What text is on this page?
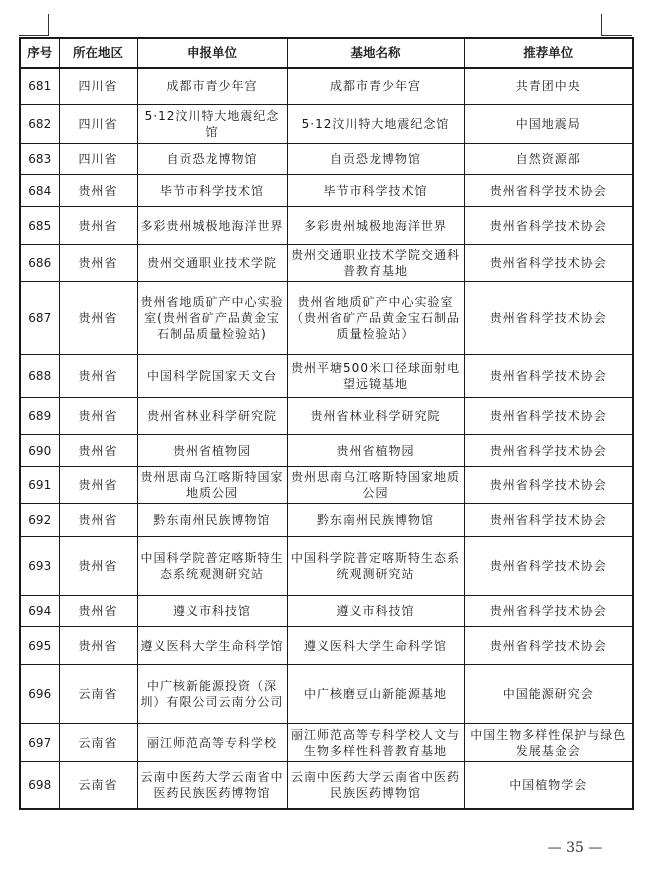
序号	所在地区	申报单位	基地名称	推荐单位
681	四川省	成都市青少年宫	成都市青少年宫	共青团中央
682	四川省	5·12汶川特大地震纪念馆	5·12汶川特大地震纪念馆	中国地震局
683	四川省	自贡恐龙博物馆	自贡恐龙博物馆	自然资源部
684	贵州省	毕节市科学技术馆	毕节市科学技术馆	贵州省科学技术协会
685	贵州省	多彩贵州城极地海洋世界	多彩贵州城极地海洋世界	贵州省科学技术协会
686	贵州省	贵州交通职业技术学院	贵州交通职业技术学院交通科普教育基地	贵州省科学技术协会
687	贵州省	贵州省地质矿产中心实验室(贵州省矿产品黄金宝石制品质量检验站)	贵州省地质矿产中心实验室（贵州省矿产品黄金宝石制品质量检验站）	贵州省科学技术协会
688	贵州省	中国科学院国家天文台	贵州平塘500米口径球面射电望远镜基地	贵州省科学技术协会
689	贵州省	贵州省林业科学研究院	贵州省林业科学研究院	贵州省科学技术协会
690	贵州省	贵州省植物园	贵州省植物园	贵州省科学技术协会
691	贵州省	贵州思南乌江喀斯特国家地质公园	贵州思南乌江喀斯特国家地质公园	贵州省科学技术协会
692	贵州省	黔东南州民族博物馆	黔东南州民族博物馆	贵州省科学技术协会
693	贵州省	中国科学院普定喀斯特生态系统观测研究站	中国科学院普定喀斯特生态系统观测研究站	贵州省科学技术协会
694	贵州省	遵义市科技馆	遵义市科技馆	贵州省科学技术协会
695	贵州省	遵义医科大学生命科学馆	遵义医科大学生命科学馆	贵州省科学技术协会
696	云南省	中广核新能源投资（深圳）有限公司云南分公司	中广核磨豆山新能源基地	中国能源研究会
697	云南省	丽江师范高等专科学校	丽江师范高等专科学校人文与生物多样性科普教育基地	中国生物多样性保护与绿色发展基金会
698	云南省	云南中医药大学云南省中医药民族医药博物馆	云南中医药大学云南省中医药民族医药博物馆	中国植物学会
— 35 —
